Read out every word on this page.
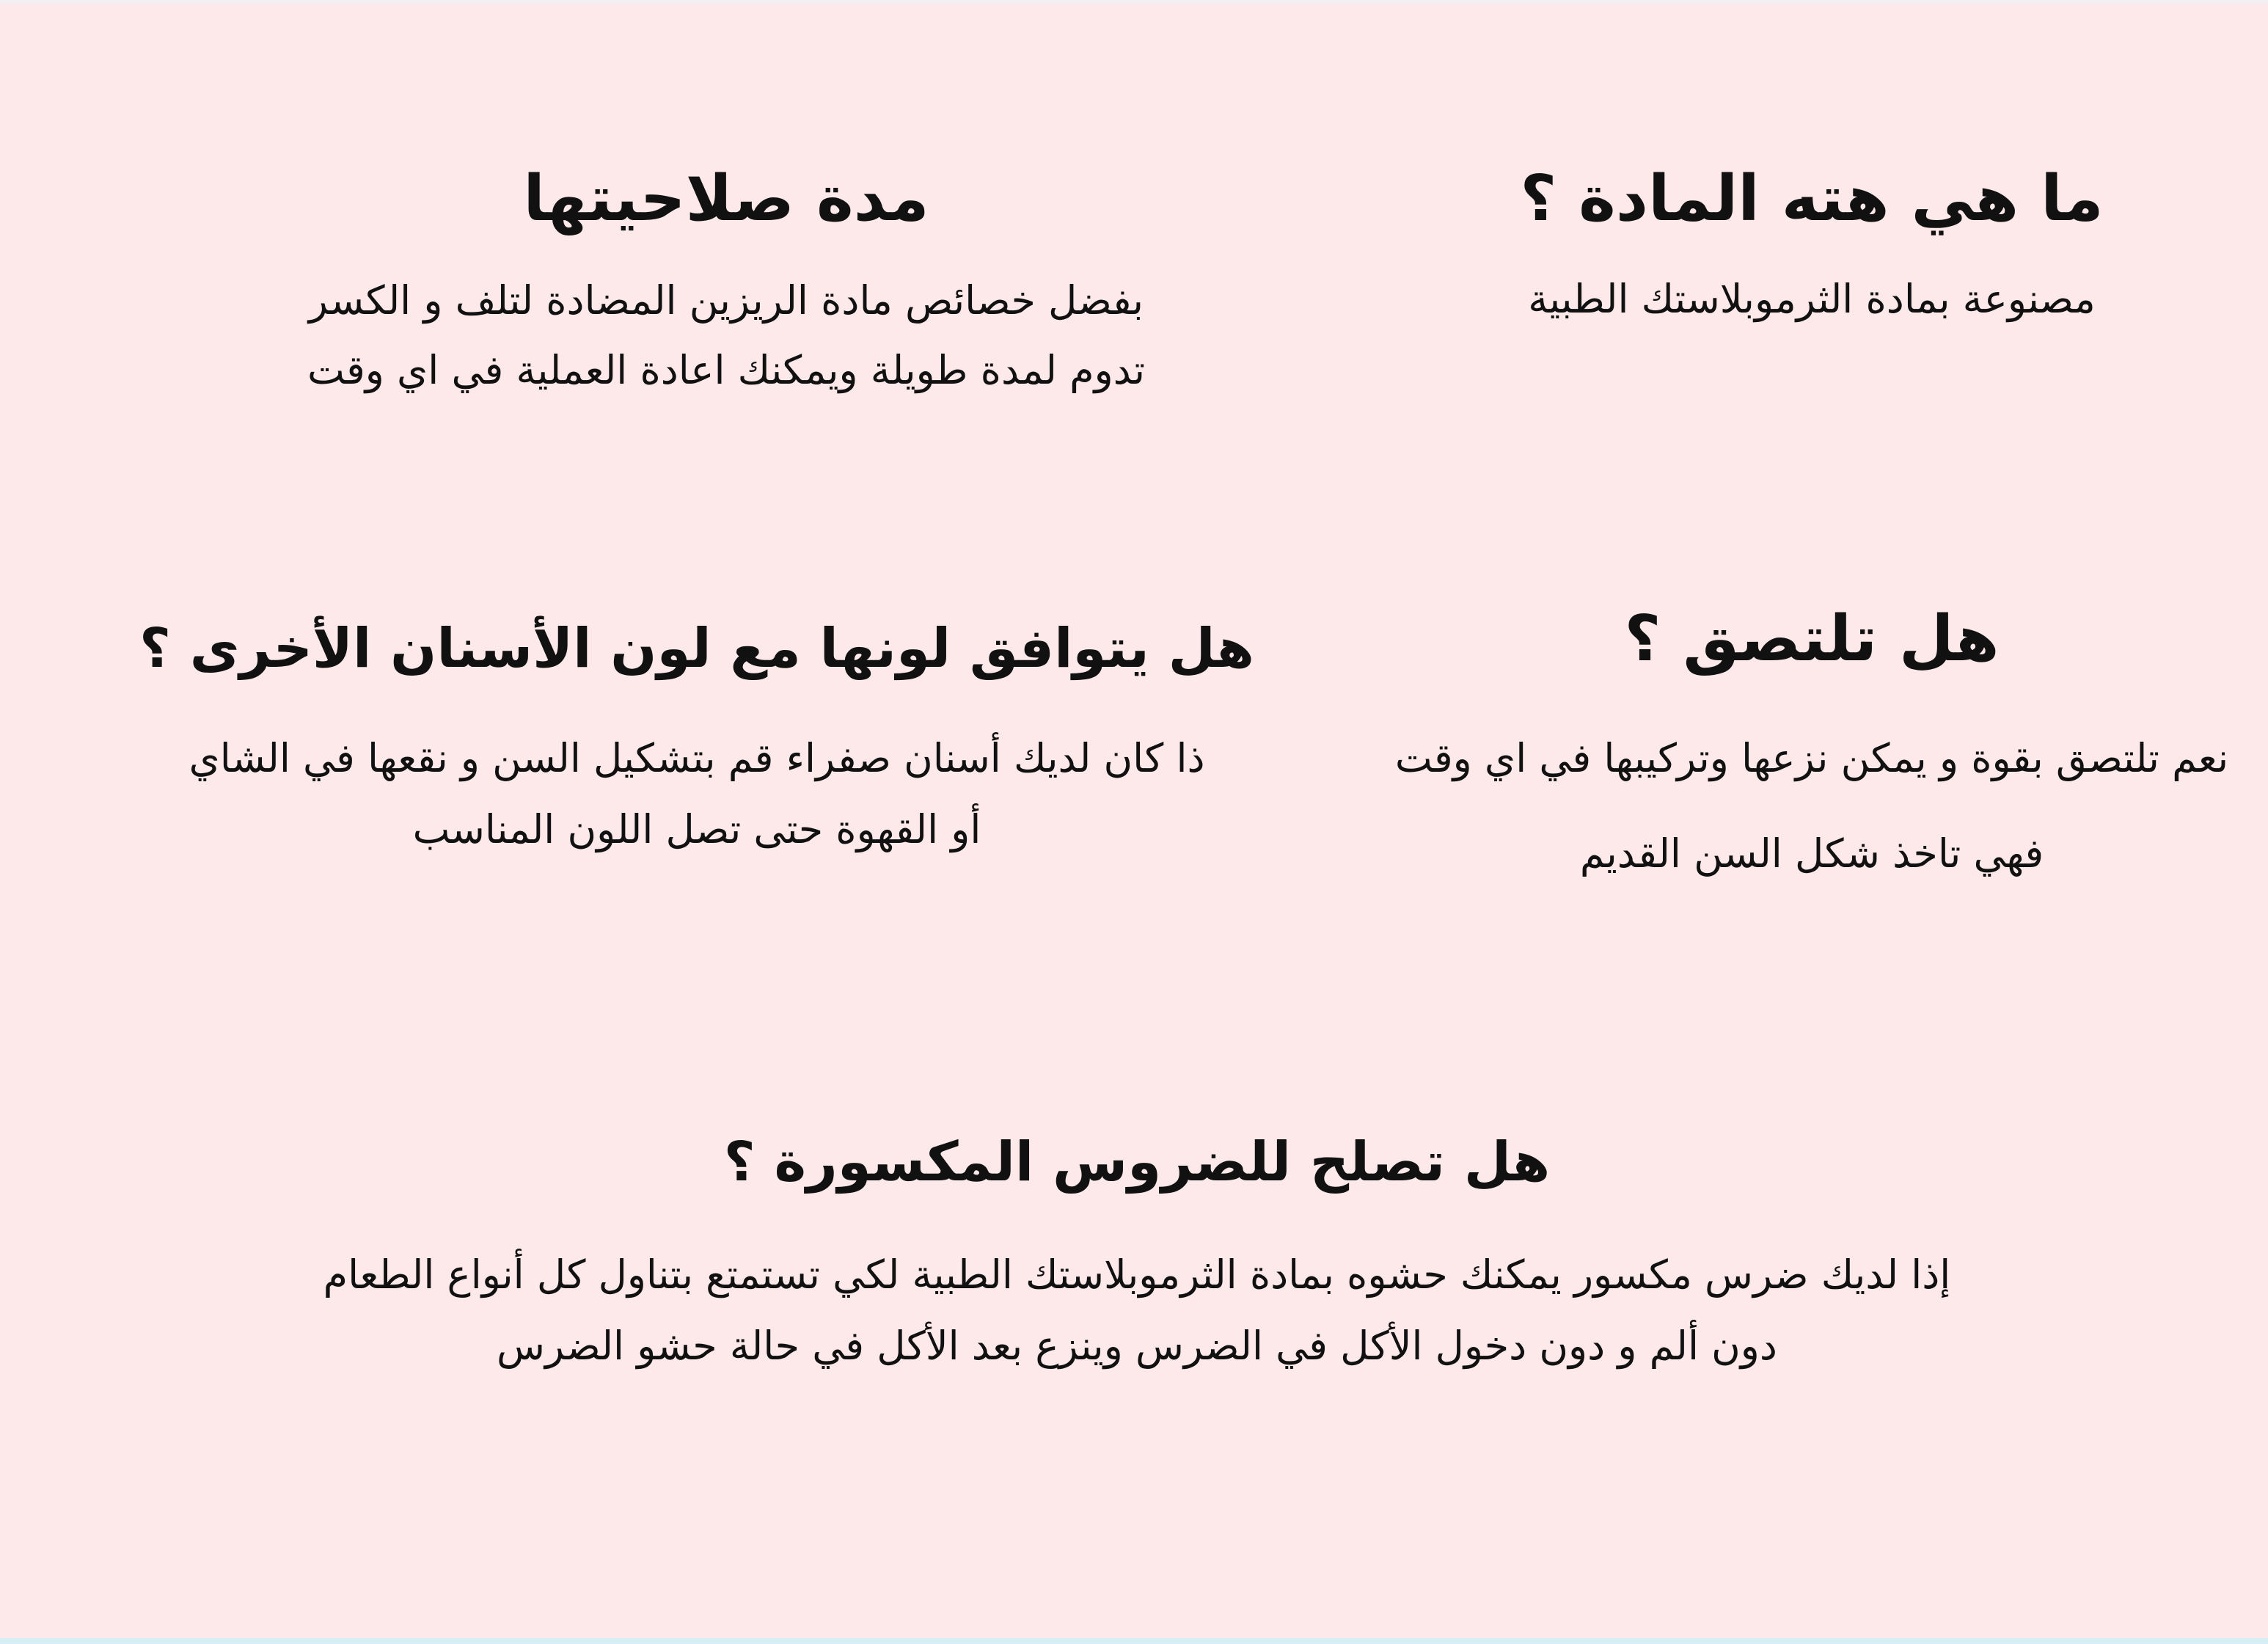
ما هي هته المادة ؟

مصنوعة بمادة الثرموبلاستك الطبية

مدة صلاحيتها

بفضل خصائص مادة الريزين المضادة لتلف و الكسر

تدوم لمدة طويلة ويمكنك اعادة العملية في اي وقت

هل تلتصق ؟

نعم تلتصق بقوة و يمكن نزعها وتركيبها في اي وقت

فهي تاخذ شكل السن القديم

هل يتوافق لونها مع لون الأسنان الأخرى ؟

ذا كان لديك أسنان صفراء قم بتشكيل السن و نقعها في الشاي

أو القهوة حتى تصل اللون المناسب

هل تصلح للضروس المكسورة ؟

إذا لديك ضرس مكسور يمكنك حشوه بمادة الثرموبلاستك الطبية لكي تستمتع بتناول كل أنواع الطعام

دون ألم و دون دخول الأكل في الضرس وينزع بعد الأكل في حالة حشو الضرس
